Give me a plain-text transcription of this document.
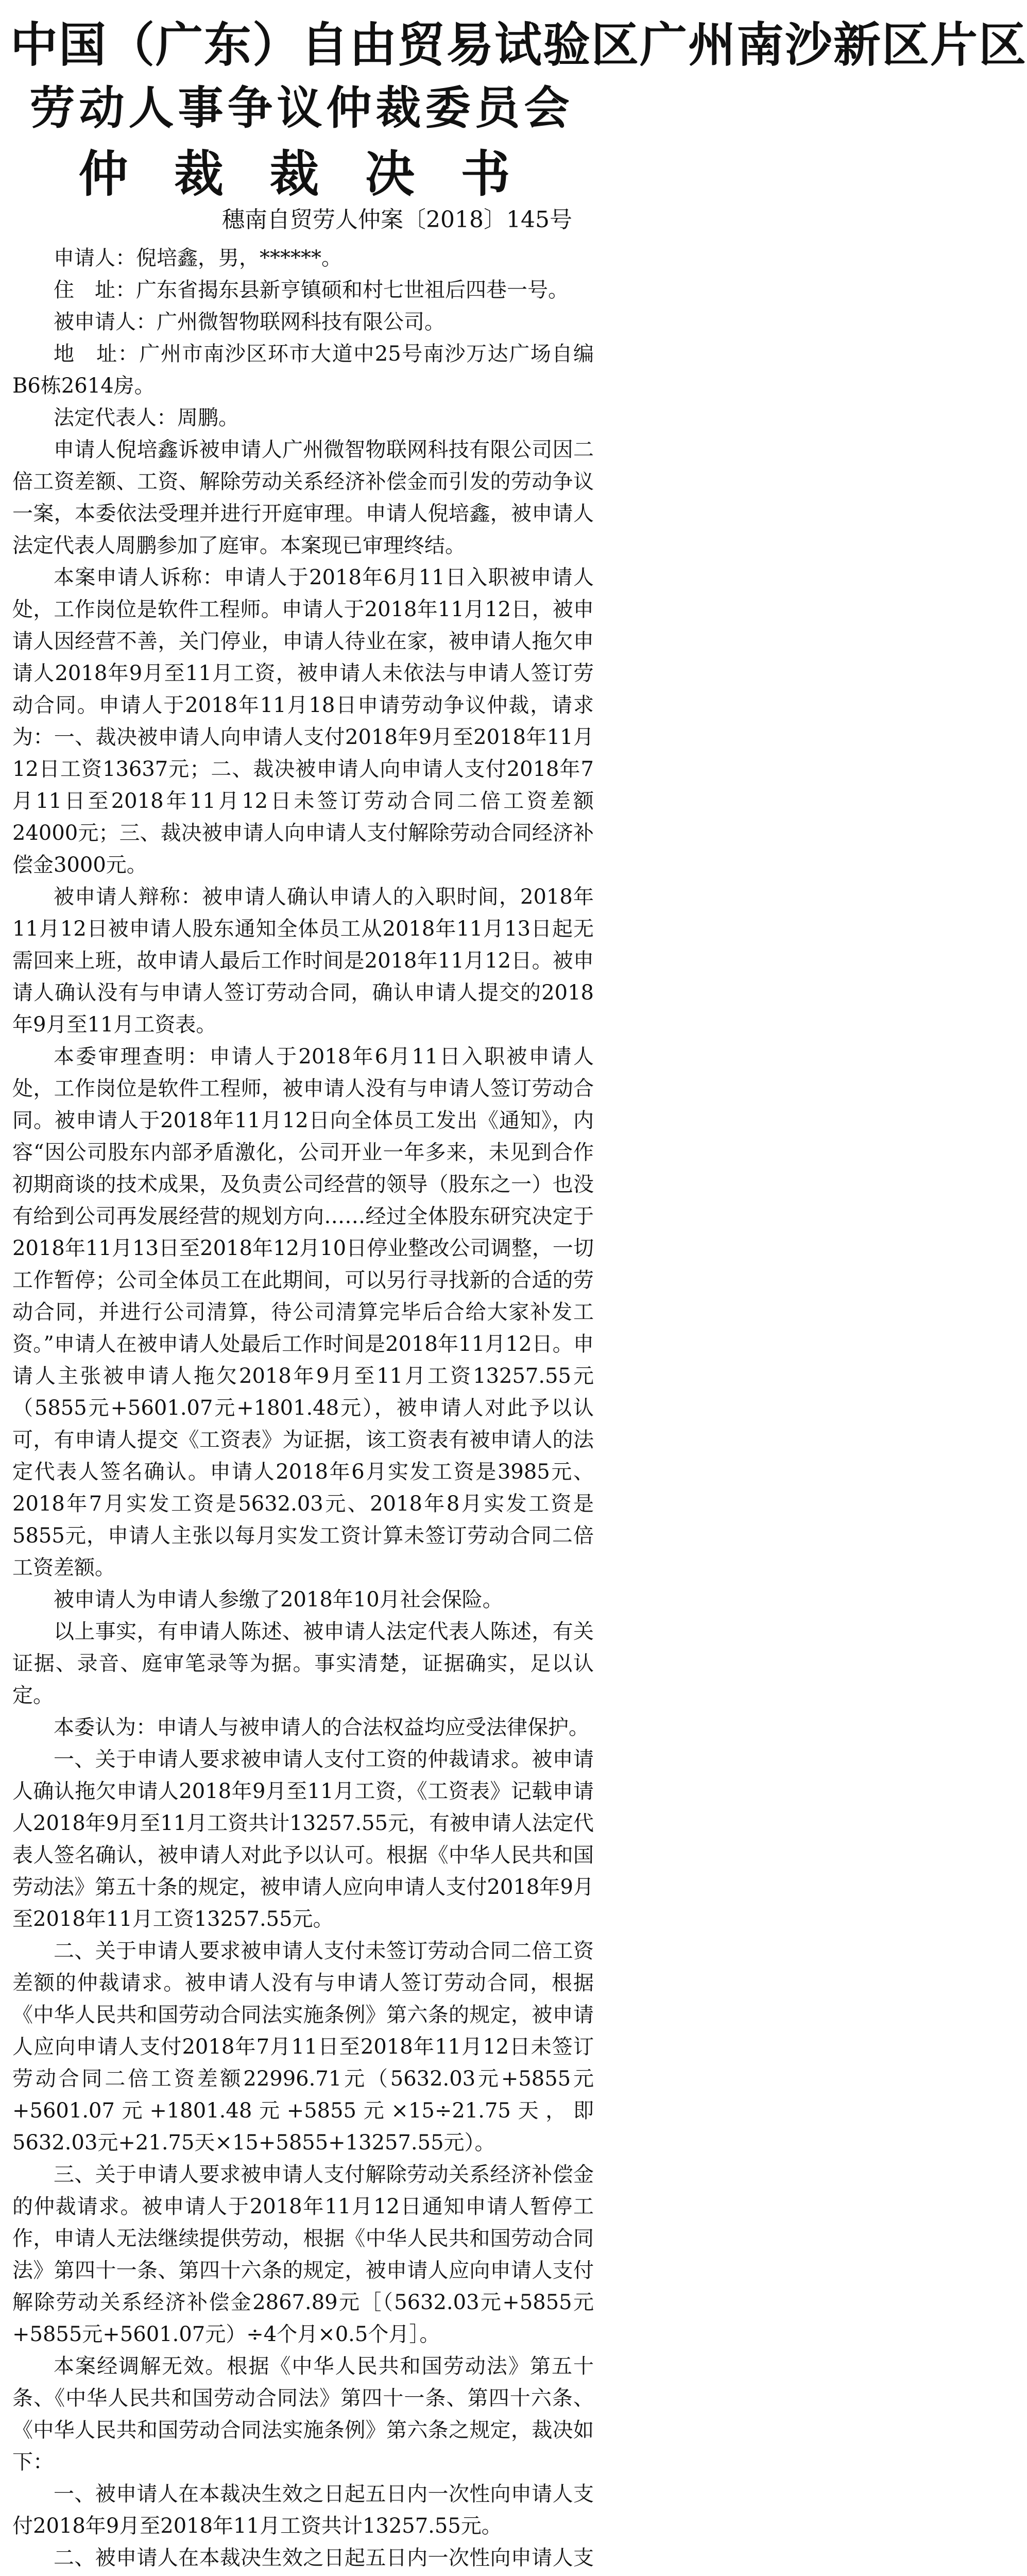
中国（广东）自由贸易试验区广州南沙新区片区
劳动人事争议仲裁委员会
仲 裁 裁 决 书
穗南自贸劳人仲案〔2018〕145号

申请人：倪培鑫，男，******。

住　址：广东省揭东县新亨镇硕和村七世祖后四巷一号。

被申请人：广州微智物联网科技有限公司。

地　址：广州市南沙区环市大道中25号南沙万达广场自编B6栋2614房。

法定代表人：周鹏。

申请人倪培鑫诉被申请人广州微智物联网科技有限公司因二倍工资差额、工资、解除劳动关系经济补偿金而引发的劳动争议一案，本委依法受理并进行开庭审理。申请人倪培鑫，被申请人法定代表人周鹏参加了庭审。本案现已审理终结。

本案申请人诉称：申请人于2018年6月11日入职被申请人处，工作岗位是软件工程师。申请人于2018年11月12日，被申请人因经营不善，关门停业，申请人待业在家，被申请人拖欠申请人2018年9月至11月工资，被申请人未依法与申请人签订劳动合同。申请人于2018年11月18日申请劳动争议仲裁，请求为：一、裁决被申请人向申请人支付2018年9月至2018年11月12日工资13637元；二、裁决被申请人向申请人支付2018年7月11日至2018年11月12日未签订劳动合同二倍工资差额24000元；三、裁决被申请人向申请人支付解除劳动合同经济补偿金3000元。

被申请人辩称：被申请人确认申请人的入职时间，2018年11月12日被申请人股东通知全体员工从2018年11月13日起无需回来上班，故申请人最后工作时间是2018年11月12日。被申请人确认没有与申请人签订劳动合同，确认申请人提交的2018年9月至11月工资表。

本委审理查明：申请人于2018年6月11日入职被申请人处，工作岗位是软件工程师，被申请人没有与申请人签订劳动合同。被申请人于2018年11月12日向全体员工发出《通知》，内容“因公司股东内部矛盾激化，公司开业一年多来，未见到合作初期商谈的技术成果，及负责公司经营的领导（股东之一）也没有给到公司再发展经营的规划方向……经过全体股东研究决定于2018年11月13日至2018年12月10日停业整改公司调整，一切工作暂停；公司全体员工在此期间，可以另行寻找新的合适的劳动合同，并进行公司清算，待公司清算完毕后合给大家补发工资。”申请人在被申请人处最后工作时间是2018年11月12日。申请人主张被申请人拖欠2018年9月至11月工资13257.55元（5855元+5601.07元+1801.48元），被申请人对此予以认可，有申请人提交《工资表》为证据，该工资表有被申请人的法定代表人签名确认。申请人2018年6月实发工资是3985元、2018年7月实发工资是5632.03元、2018年8月实发工资是5855元，申请人主张以每月实发工资计算未签订劳动合同二倍工资差额。

被申请人为申请人参缴了2018年10月社会保险。

以上事实，有申请人陈述、被申请人法定代表人陈述，有关证据、录音、庭审笔录等为据。事实清楚，证据确实，足以认定。

本委认为：申请人与被申请人的合法权益均应受法律保护。

一、关于申请人要求被申请人支付工资的仲裁请求。被申请人确认拖欠申请人2018年9月至11月工资，《工资表》记载申请人2018年9月至11月工资共计13257.55元，有被申请人法定代表人签名确认，被申请人对此予以认可。根据《中华人民共和国劳动法》第五十条的规定，被申请人应向申请人支付2018年9月至2018年11月工资13257.55元。

二、关于申请人要求被申请人支付未签订劳动合同二倍工资差额的仲裁请求。被申请人没有与申请人签订劳动合同，根据《中华人民共和国劳动合同法实施条例》第六条的规定，被申请人应向申请人支付2018年7月11日至2018年11月12日未签订劳动合同二倍工资差额22996.71元（5632.03元+5855元+5601.07元+1801.48元+5855元×15÷21.75天，即5632.03元+21.75天×15+5855+13257.55元）。

三、关于申请人要求被申请人支付解除劳动关系经济补偿金的仲裁请求。被申请人于2018年11月12日通知申请人暂停工作，申请人无法继续提供劳动，根据《中华人民共和国劳动合同法》第四十一条、第四十六条的规定，被申请人应向申请人支付解除劳动关系经济补偿金2867.89元［（5632.03元+5855元+5855元+5601.07元）÷4个月×0.5个月］。

本案经调解无效。根据《中华人民共和国劳动法》第五十条、《中华人民共和国劳动合同法》第四十一条、第四十六条、《中华人民共和国劳动合同法实施条例》第六条之规定，裁决如下：

一、被申请人在本裁决生效之日起五日内一次性向申请人支付2018年9月至2018年11月工资共计13257.55元。

二、被申请人在本裁决生效之日起五日内一次性向申请人支
